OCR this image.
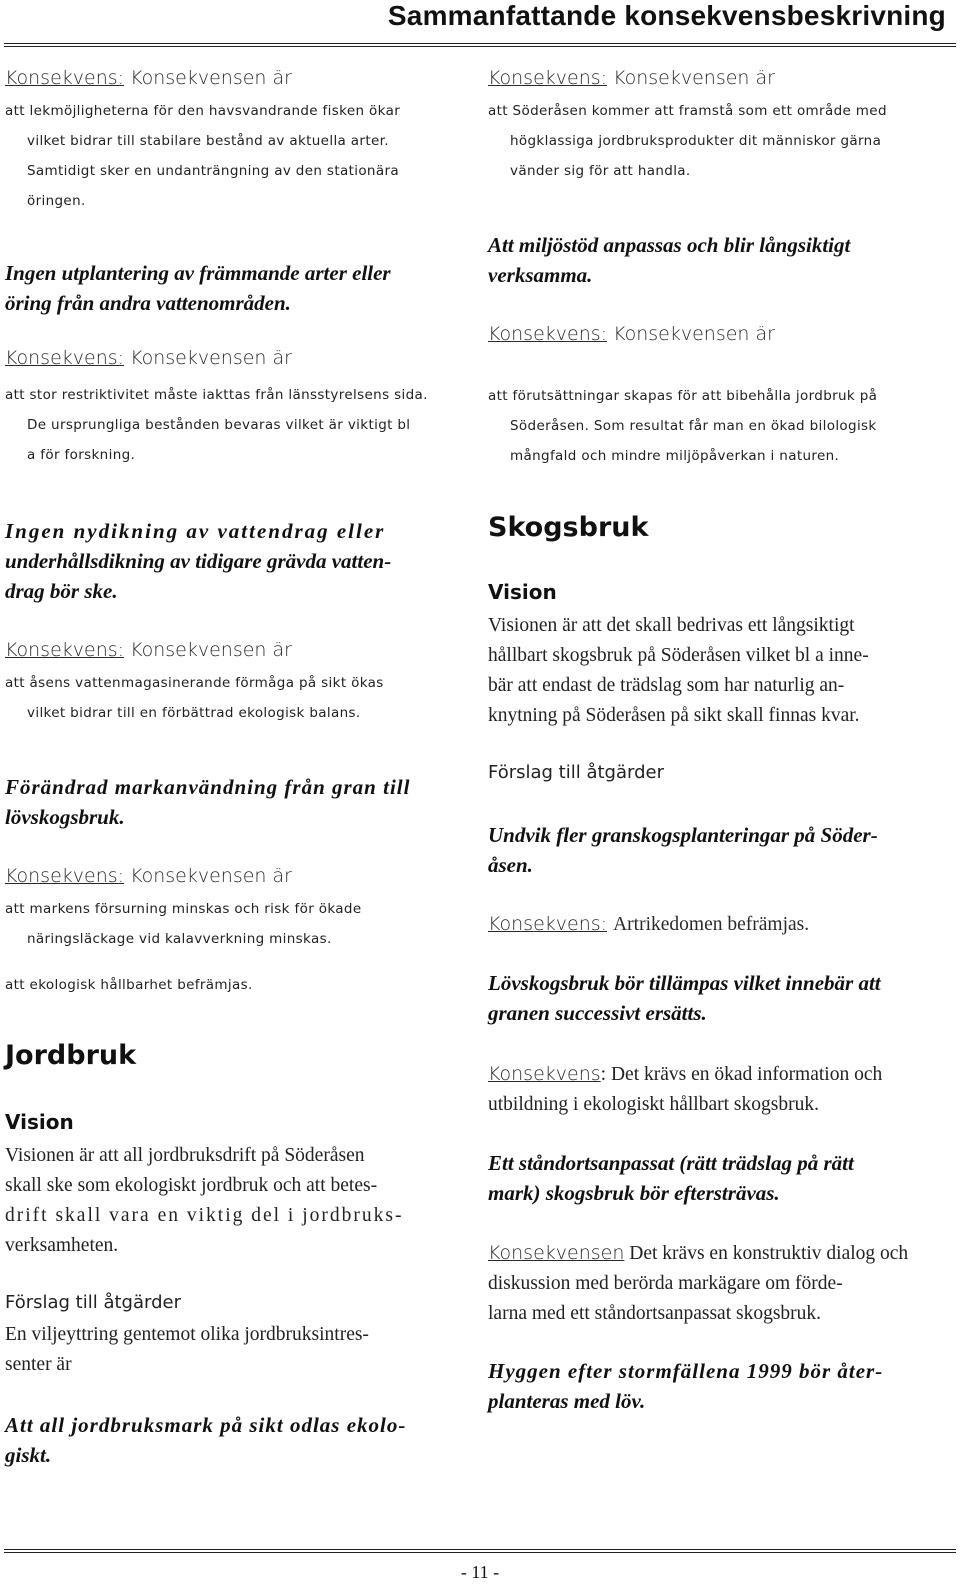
Sammanfattande konsekvensbeskrivning
Konsekvens: Konsekvensen är
att lekmöjligheterna för den havsvandrande fisken ökar
vilket bidrar till stabilare bestånd av aktuella arter.
Samtidigt sker en undanträngning av den stationära
öringen.
Ingen utplantering av främmande arter eller
öring från andra vattenområden.
Konsekvens: Konsekvensen är
att stor restriktivitet måste iakttas från länsstyrelsens sida.
De ursprungliga bestånden bevaras vilket är viktigt bl
a för forskning.
Ingen nydikning av vattendrag eller
underhållsdikning av tidigare grävda vatten-
drag bör ske.
Konsekvens: Konsekvensen är
att åsens vattenmagasinerande förmåga på sikt ökas
vilket bidrar till en förbättrad ekologisk balans.
Förändrad markanvändning från gran till
lövskogsbruk.
Konsekvens: Konsekvensen är
att markens försurning minskas och risk för ökade
näringsläckage vid kalavverkning minskas.
att ekologisk hållbarhet befrämjas.
Jordbruk
Vision
Visionen är att all jordbruksdrift på Söderåsen
skall ske som ekologiskt jordbruk och att betes-
drift skall vara en viktig del i jordbruks-
verksamheten.
Förslag till åtgärder
En viljeyttring gentemot olika jordbruksintres-
senter är
Att all jordbruksmark på sikt odlas ekolo-
giskt.
Konsekvens: Konsekvensen är
att Söderåsen kommer att framstå som ett område med
högklassiga jordbruksprodukter dit människor gärna
vänder sig för att handla.
Att miljöstöd anpassas och blir långsiktigt
verksamma.
Konsekvens: Konsekvensen är
att förutsättningar skapas för att bibehålla jordbruk på
Söderåsen. Som resultat får man en ökad bilologisk
mångfald och mindre miljöpåverkan i naturen.
Skogsbruk
Vision
Visionen är att det skall bedrivas ett långsiktigt
hållbart skogsbruk på Söderåsen vilket bl a inne-
bär att endast de trädslag som har naturlig an-
knytning på Söderåsen på sikt skall finnas kvar.
Förslag till åtgärder
Undvik fler granskogsplanteringar på Söder-
åsen.
Konsekvens: Artrikedomen befrämjas.
Lövskogsbruk bör tillämpas vilket innebär att
granen successivt ersätts.
Konsekvens: Det krävs en ökad information och
utbildning i ekologiskt hållbart skogsbruk.
Ett ståndortsanpassat (rätt trädslag på rätt
mark) skogsbruk bör eftersträvas.
Konsekvensen Det krävs en konstruktiv dialog och
diskussion med berörda markägare om förde-
larna med ett ståndortsanpassat skogsbruk.
Hyggen efter stormfällena 1999 bör åter-
planteras med löv.
- 11 -
